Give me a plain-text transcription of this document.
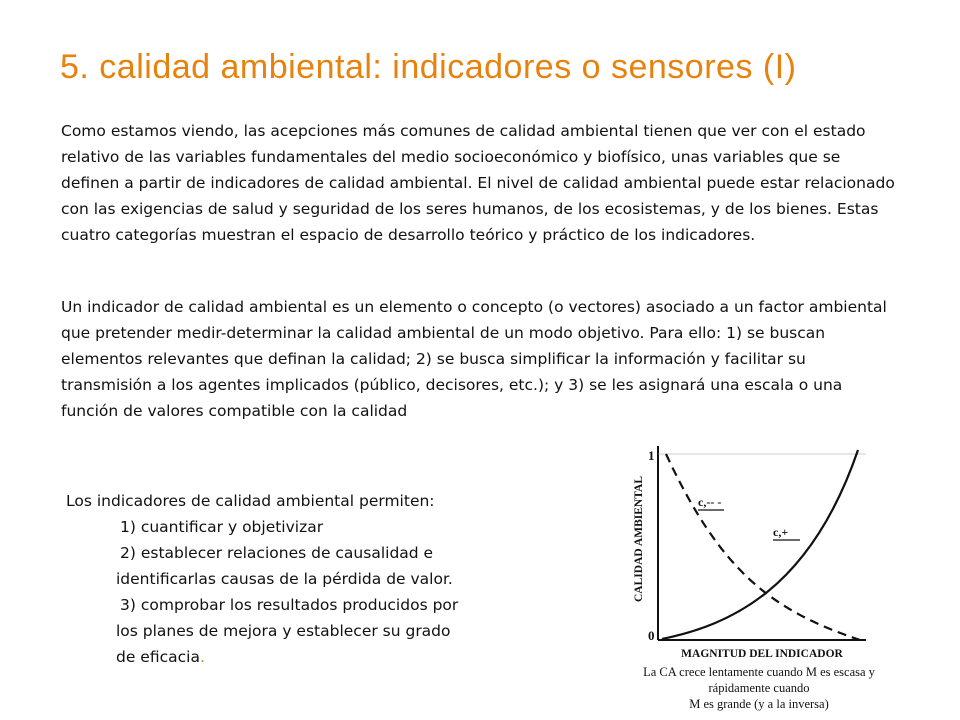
5. calidad ambiental: indicadores o sensores (I)

Como estamos viendo, las acepciones más comunes de calidad ambiental tienen que ver con el estado relativo de las variables fundamentales del medio socioeconómico y biofísico, unas variables que se definen a partir de indicadores de calidad ambiental. El nivel de calidad ambiental puede estar relacionado con las exigencias de salud y seguridad de los seres humanos, de los ecosistemas, y de los bienes. Estas cuatro categorías muestran el espacio de desarrollo teórico y práctico de los indicadores.

Un indicador de calidad ambiental es un elemento o concepto (o vectores) asociado a un factor ambiental que pretender medir-determinar la calidad ambiental de un modo objetivo. Para ello: 1) se buscan elementos relevantes que definan la calidad; 2) se busca simplificar la información y facilitar su transmisión a los agentes implicados (público, decisores, etc.); y 3) se les asignará una escala o una función de valores compatible con la calidad

Los indicadores de calidad ambiental permiten:
1) cuantificar y objetivizar
2) establecer relaciones de causalidad e
identificarlas causas de la pérdida de valor.
3) comprobar los resultados producidos por
los planes de mejora y establecer su grado
de eficacia.
1
0
CALIDAD AMBIENTAL	c,-- -
c,+
MAGNITUD DEL INDICADOR
La CA crece lentamente cuando M es escasa y rápidamente cuando
M es grande (y a la inversa)
